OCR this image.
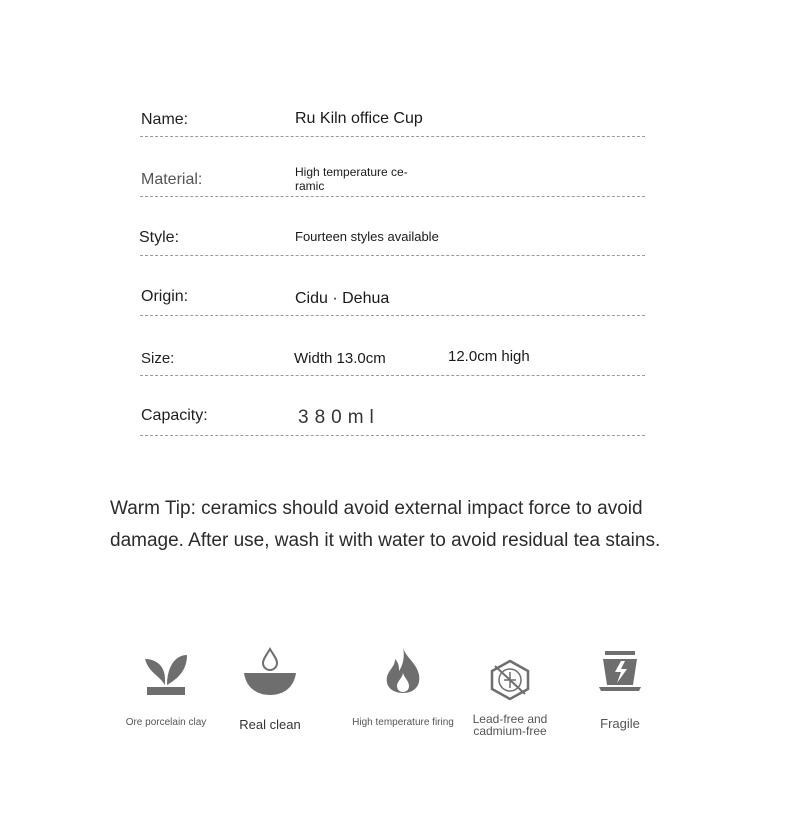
Name:	Ru Kiln office Cup
Material:	High temperature ce-
ramic
Style:	Fourteen styles available
Origin:	Cidu · Dehua
Size:	Width 13.0cm	12.0cm high
Capacity:	380ml
Warm Tip: ceramics should avoid external impact force to avoid damage. After use, wash it with water to avoid residual tea stains.
Ore porcelain clay	Real clean	High temperature firing	Lead-free and
cadmium-free	Fragile
